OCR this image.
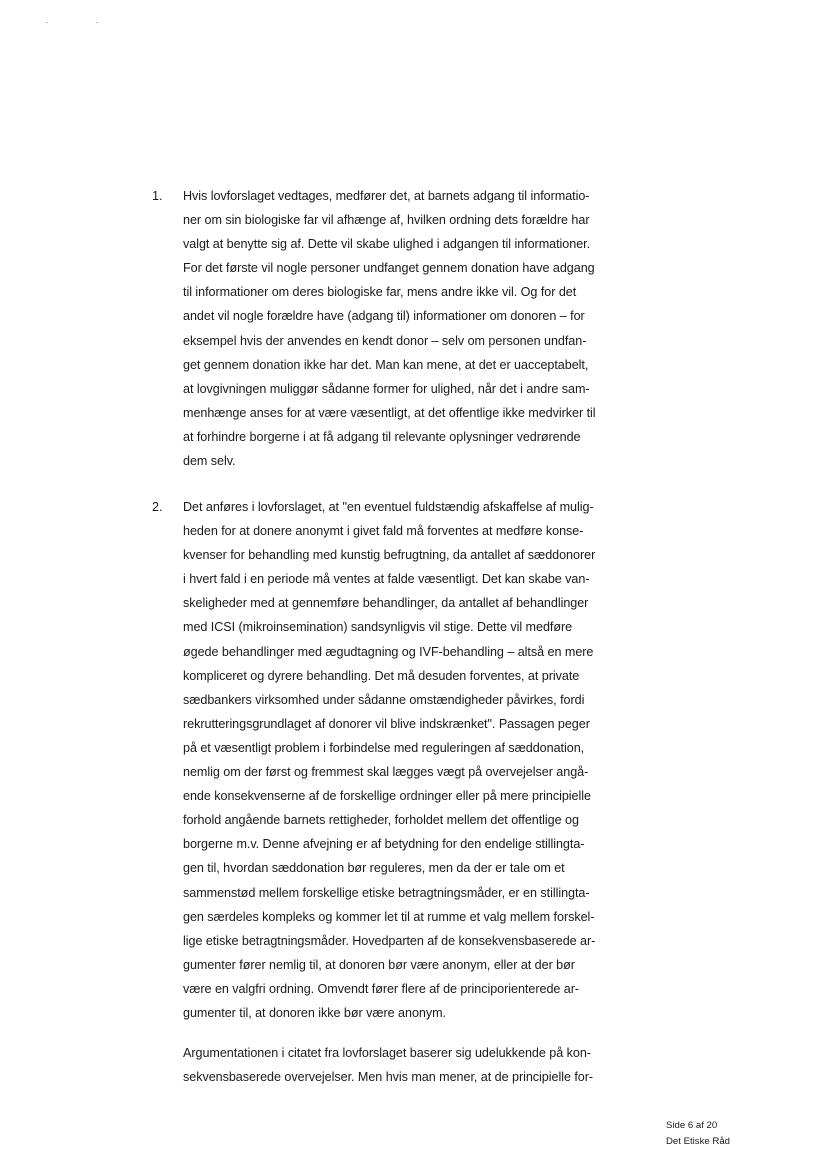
1. Hvis lovforslaget vedtages, medfører det, at barnets adgang til informatio-
ner om sin biologiske far vil afhænge af, hvilken ordning dets forældre har
valgt at benytte sig af. Dette vil skabe ulighed i adgangen til informationer.
For det første vil nogle personer undfanget gennem donation have adgang
til informationer om deres biologiske far, mens andre ikke vil. Og for det
andet vil nogle forældre have (adgang til) informationer om donoren – for
eksempel hvis der anvendes en kendt donor – selv om personen undfan-
get gennem donation ikke har det. Man kan mene, at det er uacceptabelt,
at lovgivningen muliggør sådanne former for ulighed, når det i andre sam-
menhænge anses for at være væsentligt, at det offentlige ikke medvirker til
at forhindre borgerne i at få adgang til relevante oplysninger vedrørende
dem selv.
2. Det anføres i lovforslaget, at "en eventuel fuldstændig afskaffelse af mulig-
heden for at donere anonymt i givet fald må forventes at medføre konse-
kvenser for behandling med kunstig befrugtning, da antallet af sæddonorer
i hvert fald i en periode må ventes at falde væsentligt. Det kan skabe van-
skeligheder med at gennemføre behandlinger, da antallet af behandlinger
med ICSI (mikroinsemination) sandsynligvis vil stige. Dette vil medføre
øgede behandlinger med ægudtagning og IVF-behandling – altså en mere
kompliceret og dyrere behandling. Det må desuden forventes, at private
sædbankers virksomhed under sådanne omstændigheder påvirkes, fordi
rekrutteringsgrundlaget af donorer vil blive indskrænket". Passagen peger
på et væsentligt problem i forbindelse med reguleringen af sæddonation,
nemlig om der først og fremmest skal lægges vægt på overvejelser angå-
ende konsekvenserne af de forskellige ordninger eller på mere principielle
forhold angående barnets rettigheder, forholdet mellem det offentlige og
borgerne m.v. Denne afvejning er af betydning for den endelige stillingta-
gen til, hvordan sæddonation bør reguleres, men da der er tale om et
sammenstød mellem forskellige etiske betragtningsmåder, er en stillingta-
gen særdeles kompleks og kommer let til at rumme et valg mellem forskel-
lige etiske betragtningsmåder. Hovedparten af de konsekvensbaserede ar-
gumenter fører nemlig til, at donoren bør være anonym, eller at der bør
være en valgfri ordning. Omvendt fører flere af de principorienterede ar-
gumenter til, at donoren ikke bør være anonym.
Argumentationen i citatet fra lovforslaget baserer sig udelukkende på kon-
sekvensbaserede overvejelser. Men hvis man mener, at de principielle for-
Side 6 af 20
Det Etiske Råd
